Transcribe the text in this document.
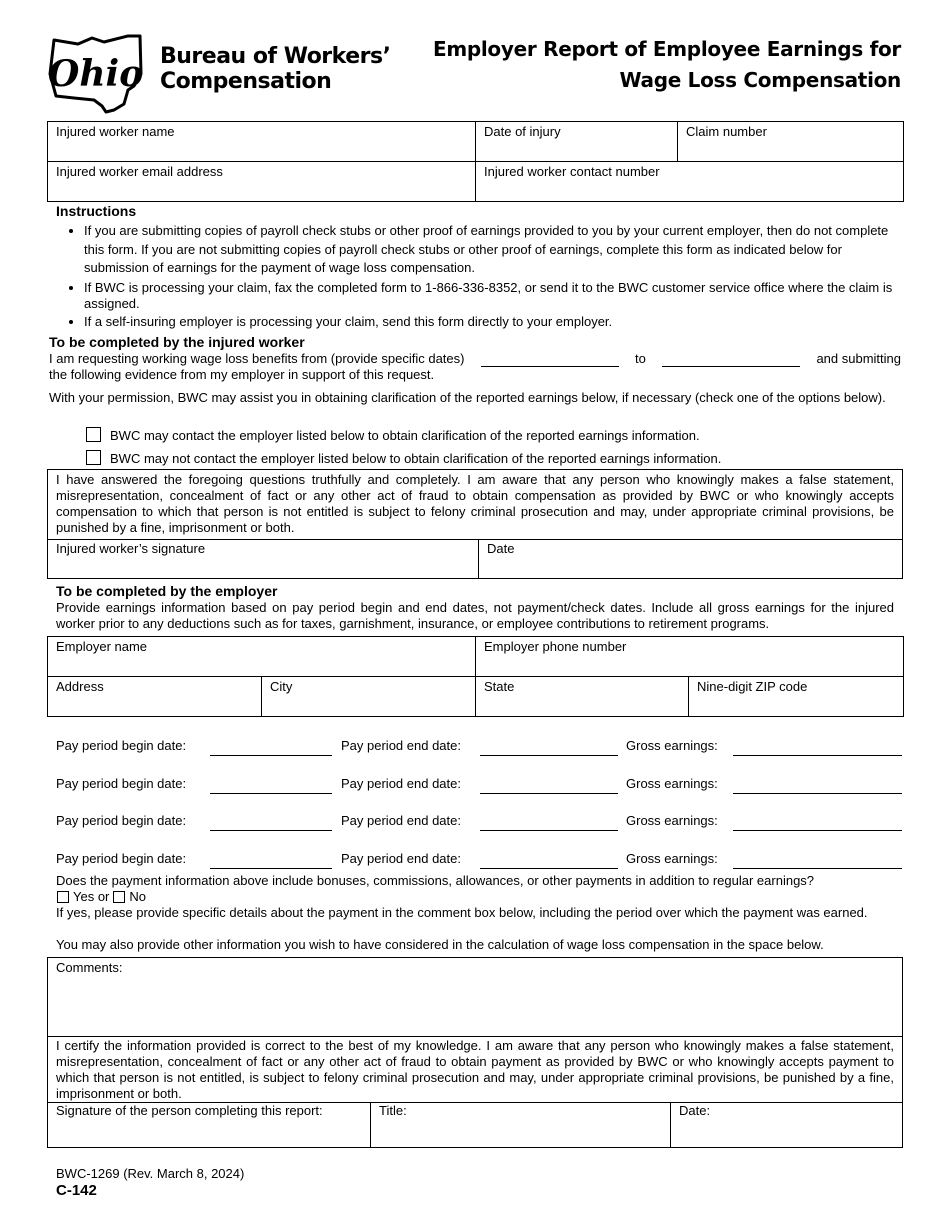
Ohio Bureau of Workers’
Compensation
Employer Report of Employee Earnings for
Wage Loss Compensation
Injured worker name	Date of injury	Claim number
Injured worker email address	Injured worker contact number	
Instructions
• If you are submitting copies of payroll check stubs or other proof of earnings provided to you by your current employer, then do not complete this form. If you are not submitting copies of payroll check stubs or other proof of earnings, complete this form as indicated below for submission of earnings for the payment of wage loss compensation.
• If BWC is processing your claim, fax the completed form to 1-866-336-8352, or send it to the BWC customer service office where the claim is assigned.
• If a self-insuring employer is processing your claim, send this form directly to your employer.
To be completed by the injured worker
I am requesting working wage loss benefits from (provide specific dates)	to	and submitting
the following evidence from my employer in support of this request.
With your permission, BWC may assist you in obtaining clarification of the reported earnings below, if necessary (check one of the options below).
BWC may contact the employer listed below to obtain clarification of the reported earnings information.
BWC may not contact the employer listed below to obtain clarification of the reported earnings information.
I have answered the foregoing questions truthfully and completely. I am aware that any person who knowingly makes a false statement, misrepresentation, concealment of fact or any other act of fraud to obtain compensation as provided by BWC or who knowingly accepts compensation to which that person is not entitled is subject to felony criminal prosecution and may, under appropriate criminal provisions, be punished by a fine, imprisonment or both.
Injured worker’s signature	Date
To be completed by the employer
Provide earnings information based on pay period begin and end dates, not payment/check dates. Include all gross earnings for the injured worker prior to any deductions such as for taxes, garnishment, insurance, or employee contributions to retirement programs.
Employer name		Employer phone number	
Address	City	State	Nine-digit ZIP code
Pay period begin date:	Pay period end date:	Gross earnings:
Pay period begin date:	Pay period end date:	Gross earnings:
Pay period begin date:	Pay period end date:	Gross earnings:
Pay period begin date:	Pay period end date:	Gross earnings:
Does the payment information above include bonuses, commissions, allowances, or other payments in addition to regular earnings?
Yes or No
If yes, please provide specific details about the payment in the comment box below, including the period over which the payment was earned.
You may also provide other information you wish to have considered in the calculation of wage loss compensation in the space below.
Comments:
I certify the information provided is correct to the best of my knowledge. I am aware that any person who knowingly makes a false statement, misrepresentation, concealment of fact or any other act of fraud to obtain payment as provided by BWC or who knowingly accepts payment to which that person is not entitled, is subject to felony criminal prosecution and may, under appropriate criminal provisions, be punished by a fine, imprisonment or both.
Signature of the person completing this report:	Title:	Date:
BWC-1269 (Rev. March 8, 2024)
C-142
